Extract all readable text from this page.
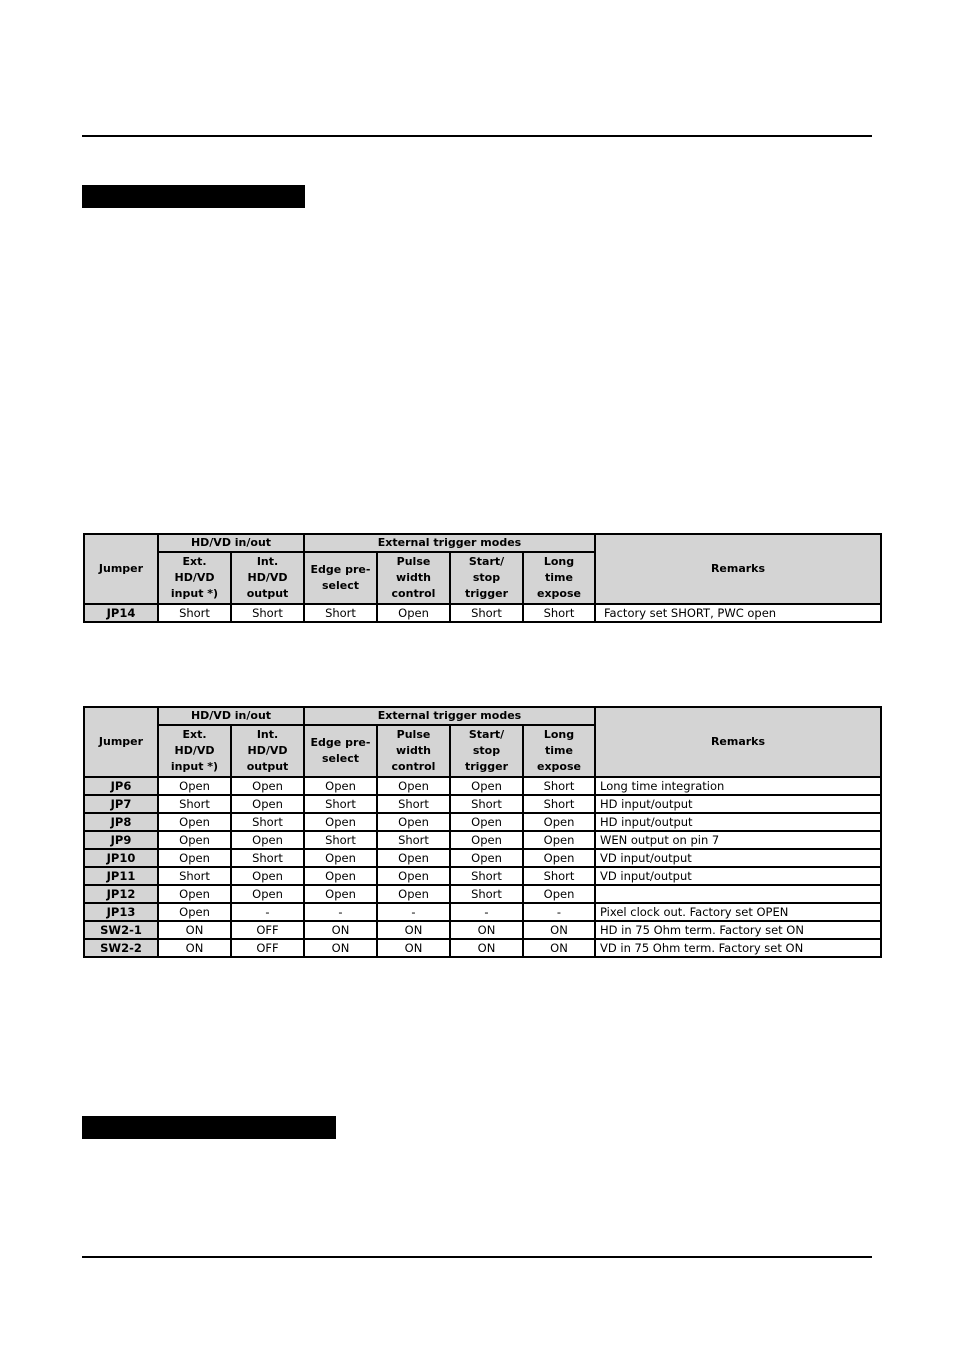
Jumper	HD/VD in/out		External trigger modes				Remarks
	Ext. HD/VD input *)	Int. HD/VD output	Edge pre-select	Pulse width control	Start/ stop trigger	Long time expose	
JP14	Short	Short	Short	Open	Short	Short	Factory set SHORT, PWC open
Jumper	HD/VD in/out		External trigger modes				Remarks
	Ext. HD/VD input *)	Int. HD/VD output	Edge pre-select	Pulse width control	Start/ stop trigger	Long time expose	
JP6	Open	Open	Open	Open	Open	Short	Long time integration
JP7	Short	Open	Short	Short	Short	Short	HD input/output
JP8	Open	Short	Open	Open	Open	Open	HD input/output
JP9	Open	Open	Short	Short	Open	Open	WEN output on pin 7
JP10	Open	Short	Open	Open	Open	Open	VD input/output
JP11	Short	Open	Open	Open	Short	Short	VD input/output
JP12	Open	Open	Open	Open	Short	Open	
JP13	Open	-	-	-	-	-	Pixel clock out. Factory set OPEN
SW2-1	ON	OFF	ON	ON	ON	ON	HD in 75 Ohm term. Factory set ON
SW2-2	ON	OFF	ON	ON	ON	ON	VD in 75 Ohm term. Factory set ON
